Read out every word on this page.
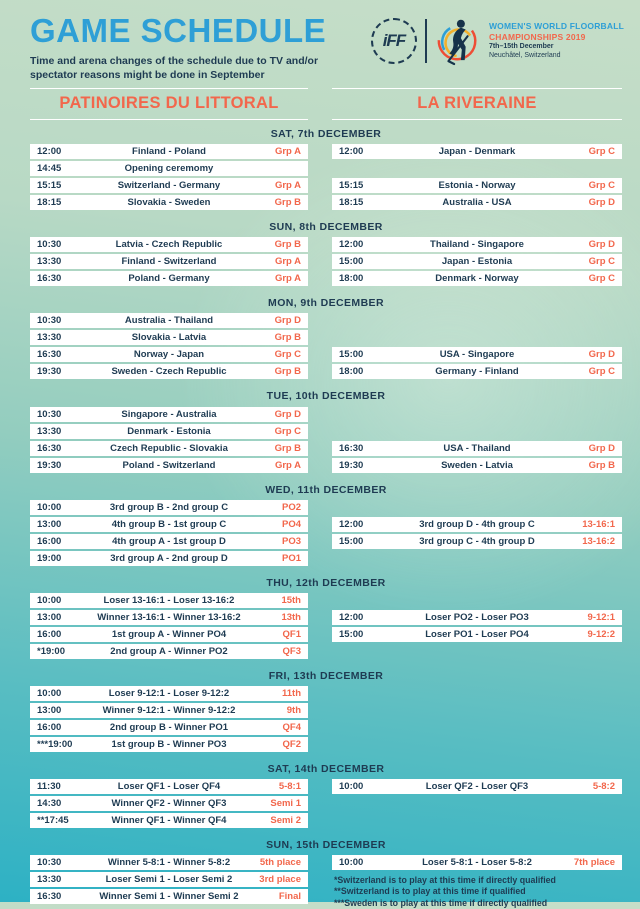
GAME SCHEDULE

Time and arena changes of the schedule due to TV and/or spectator reasons might be done in September

iFF
WOMEN'S WORLD FLOORBALL
CHAMPIONSHIPS 2019
7th–15th December
Neuchâtel, Switzerland
PATINOIRES DU LITTORAL	LA RIVERAINE
SAT, 7th DECEMBER
12:00	Finland - Poland	Grp A
14:45	Opening ceremomy
15:15	Switzerland - Germany	Grp A
18:15	Slovakia - Sweden	Grp B
12:00	Japan - Denmark	Grp C
15:15	Estonia - Norway	Grp C
18:15	Australia - USA	Grp D
SUN, 8th DECEMBER
10:30	Latvia - Czech Republic	Grp B
13:30	Finland - Switzerland	Grp A
16:30	Poland - Germany	Grp A
12:00	Thailand - Singapore	Grp D
15:00	Japan - Estonia	Grp C
18:00	Denmark - Norway	Grp C
MON, 9th DECEMBER
10:30	Australia - Thailand	Grp D
13:30	Slovakia - Latvia	Grp B
16:30	Norway - Japan	Grp C
19:30	Sweden - Czech Republic	Grp B
15:00	USA - Singapore	Grp D
18:00	Germany - Finland	Grp C
TUE, 10th DECEMBER
10:30	Singapore - Australia	Grp D
13:30	Denmark - Estonia	Grp C
16:30	Czech Republic - Slovakia	Grp B
19:30	Poland - Switzerland	Grp A
16:30	USA - Thailand	Grp D
19:30	Sweden - Latvia	Grp B
WED, 11th DECEMBER
10:00	3rd group B - 2nd group C	PO2
13:00	4th group B - 1st group C	PO4
16:00	4th group A - 1st group D	PO3
19:00	3rd group A - 2nd group D	PO1
12:00	3rd group D - 4th group C	13-16:1
15:00	3rd group C - 4th group D	13-16:2
THU, 12th DECEMBER
10:00	Loser 13-16:1 - Loser 13-16:2	15th
13:00	Winner 13-16:1 - Winner 13-16:2	13th
16:00	1st group A - Winner PO4	QF1
*19:00	2nd group A - Winner PO2	QF3
12:00	Loser PO2 - Loser PO3	9-12:1
15:00	Loser PO1 - Loser PO4	9-12:2
FRI, 13th DECEMBER
10:00	Loser 9-12:1 - Loser 9-12:2	11th
13:00	Winner 9-12:1 - Winner 9-12:2	9th
16:00	2nd group B - Winner PO1	QF4
***19:00	1st group B - Winner PO3	QF2
SAT, 14th DECEMBER
11:30	Loser QF1 - Loser QF4	5-8:1
14:30	Winner QF2 - Winner QF3	Semi 1
**17:45	Winner QF1 - Winner QF4	Semi 2
10:00	Loser QF2 - Loser QF3	5-8:2
SUN, 15th DECEMBER
10:30	Winner 5-8:1 - Winner 5-8:2	5th place
13:30	Loser Semi 1 - Loser Semi 2	3rd place
16:30	Winner Semi 1 - Winner Semi 2	Final
10:00	Loser 5-8:1 - Loser 5-8:2	7th place
*Switzerland is to play at this time if directly qualified
**Switzerland is to play at this time if qualified
***Sweden is to play at this time if directly qualified
